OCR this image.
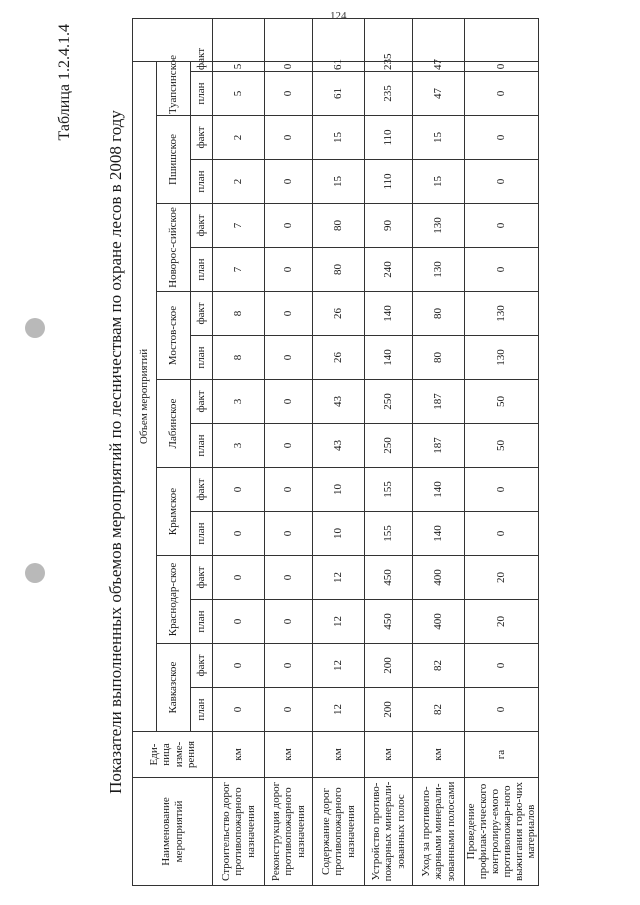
124
Таблица 1.2.4.1.4
Показатели выполненных объемов мероприятий по лесничествам по охране лесов в 2008 году
Наименование мероприятий	Еди-ница изме-рения	Объем мероприятий																
		Кавказское		Краснодар-ское		Крымское		Лабинское		Мостов-ское		Новорос-сийское		Пшишское		Туапсинское		
		план	факт	план	факт	план	факт	план	факт	план	факт	план	факт	план	факт	план	факт	
Строительство дорог противопожарного назначения	км	0	0	0	0	0	0	3	3	8	8	7	7	2	2	5	5	
Реконструкция дорог противопожарного назначения	км	0	0	0	0	0	0	0	0	0	0	0	0	0	0	0	0	
Содержание дорог противопожарного назначения	км	12	12	12	12	10	10	43	43	26	26	80	80	15	15	61	61	
Устройство противо-пожарных минерали-зованных полос	км	200	200	450	450	155	155	250	250	140	140	240	90	110	110	235	235	
Уход за противопо-жарными минерали-зованными полосами	км	82	82	400	400	140	140	187	187	80	80	130	130	15	15	47	47	
Проведение профилак-тического контролиру-емого противопожар-ного выжигания горю-чих материалов	га	0	0	20	20	0	0	50	50	130	130	0	0	0	0	0	0	
